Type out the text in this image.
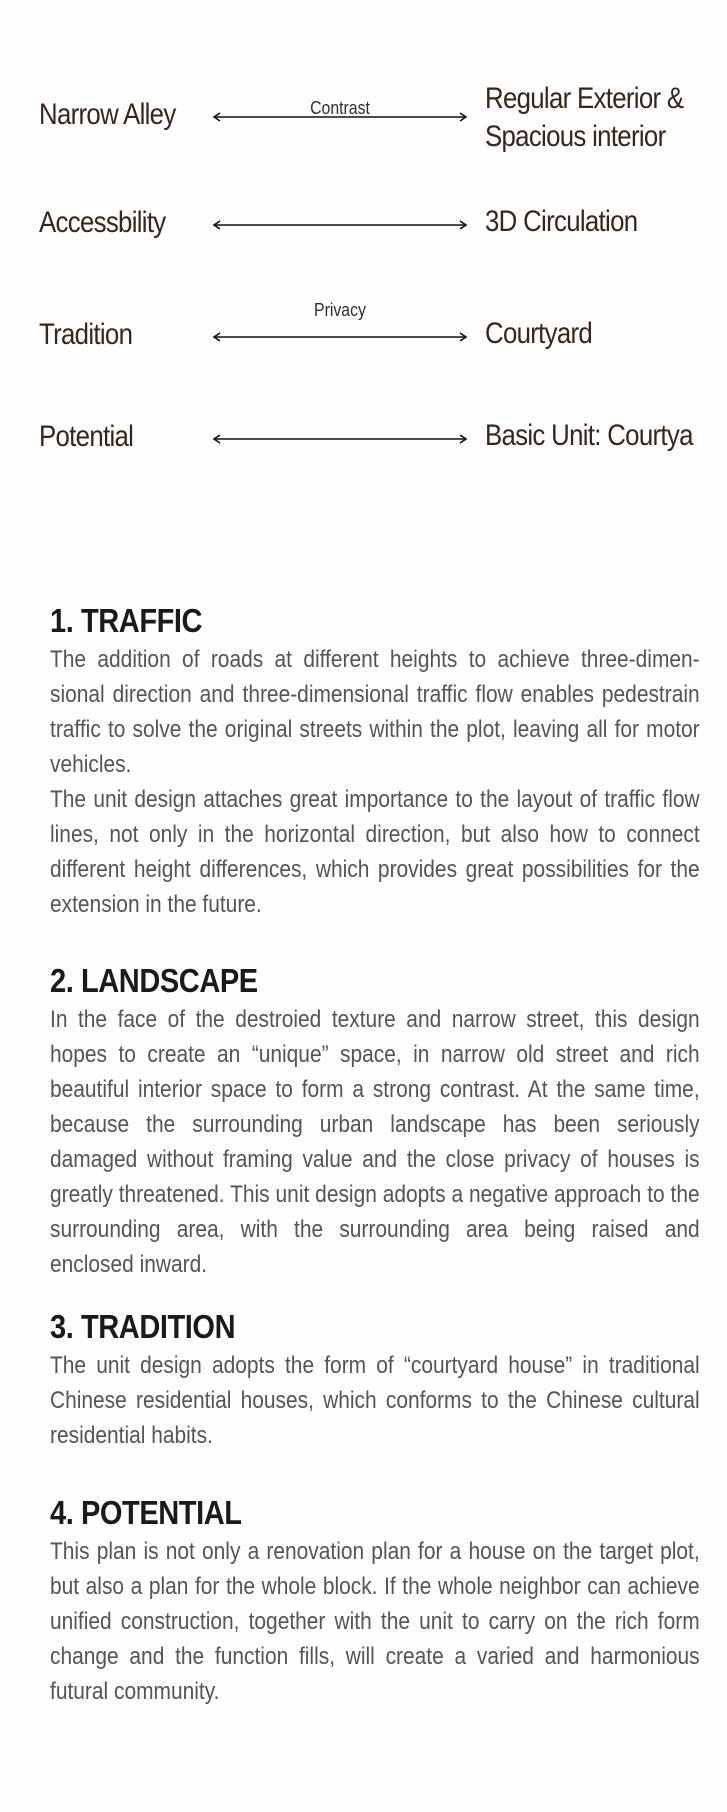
Contrast
Narrow Alley	Regular Exterior &
Spacious interior
Accessbility	3D Circulation
Privacy
Tradition	Courtyard
Potential	Basic Unit: Courtya
1. TRAFFIC

The addition of roads at different heights to achieve three-dimen-sional direction and three-dimensional traffic flow enables pedestrain traffic to solve the original streets within the plot, leaving all for motor vehicles.

The unit design attaches great importance to the layout of traffic flow lines, not only in the horizontal direction, but also how to connect different height differences, which provides great possibilities for the extension in the future.

2. LANDSCAPE

In the face of the destroied texture and narrow street, this design hopes to create an “unique” space, in narrow old street and rich beautiful interior space to form a strong contrast. At the same time, because the surrounding urban landscape has been seriously damaged without framing value and the close privacy of houses is greatly threatened. This unit design adopts a negative approach to the surrounding area, with the surrounding area being raised and enclosed inward.

3. TRADITION

The unit design adopts the form of “courtyard house” in traditional Chinese residential houses, which conforms to the Chinese cultural residential habits.

4. POTENTIAL

This plan is not only a renovation plan for a house on the target plot, but also a plan for the whole block. If the whole neighbor can achieve unified construction, together with the unit to carry on the rich form change and the function fills, will create a varied and harmonious futural community.
